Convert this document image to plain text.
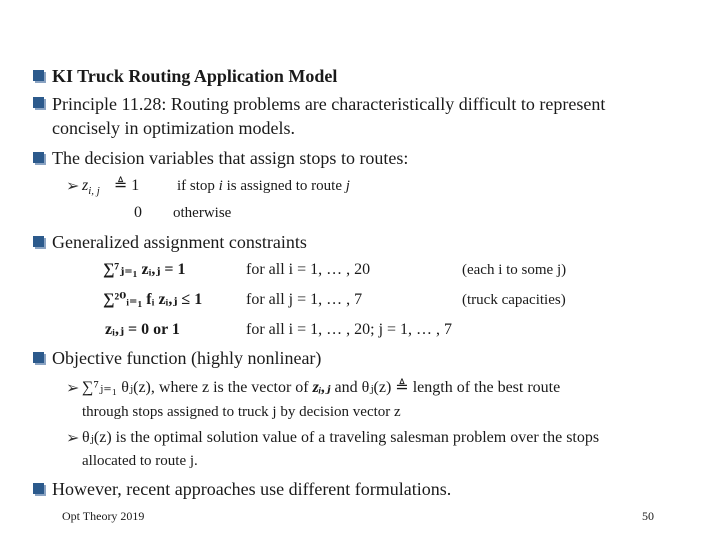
KI Truck Routing Application Model
Principle 11.28: Routing problems are characteristically difficult to represent
concisely in optimization models.
The decision variables that assign stops to routes:
➢ $z_{i, j}$ ≜ 1	if stop i is assigned to route j
0 otherwise
Generalized assignment constraints
∑⁷ⱼ₌₁ zᵢ,ⱼ = 1	for all i = 1, … , 20	(each i to some j)
∑²⁰ᵢ₌₁ fᵢ zᵢ,ⱼ ≤ 1	for all j = 1, … , 7	(truck capacities)
zᵢ,ⱼ = 0 or 1	for all i = 1, … , 20; j = 1, … , 7
Objective function (highly nonlinear)
➢ ∑⁷ⱼ₌₁ θⱼ(z), where z is the vector of zᵢ,ⱼ and θⱼ(z) ≜ length of the best route
through stops assigned to truck j by decision vector z
➢ θⱼ(z) is the optimal solution value of a traveling salesman problem over the stops
allocated to route j.
However, recent approaches use different formulations.
Opt Theory 2019	50
